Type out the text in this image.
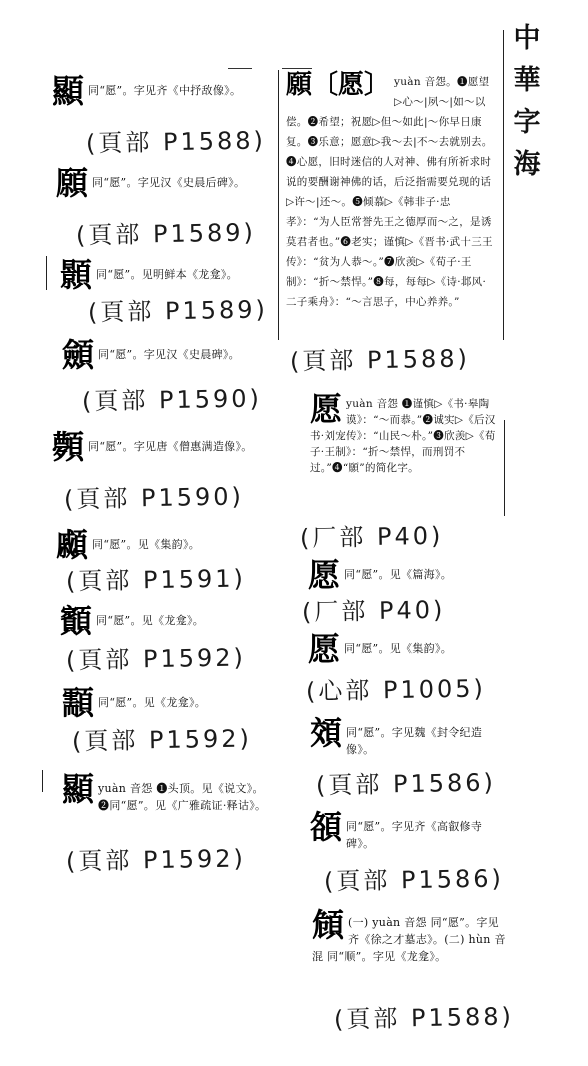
中
華
字
海
顯 同“愿”。字见齐《中抒敌像》。
(頁部 P1588)
願 同“愿”。字见汉《史晨后碑》。
(頁部 P1589)
顥 同“愿”。见明鲜本《龙龛》。
(頁部 P1589)
顩 同“愿”。字见汉《史晨碑》。
(頁部 P1590)
顭 同“愿”。字见唐《僧惠满造像》。
(頁部 P1590)
顣 同“愿”。见《集韵》。
(頁部 P1591)
顮 同“愿”。见《龙龛》。
(頁部 P1592)
顬 同“愿”。见《龙龛》。
(頁部 P1592)
顯 yuàn 音怨 ❶头顶。见《说文》。❷同“愿”。见《广雅疏证·释诂》。
(頁部 P1592)
願〔愿〕 yuàn 音怨。❶愿望▷心～|夙～|如～以偿。❷希望；祝愿▷但～如此|～你早日康复。❸乐意；愿意▷我～去|不～去就别去。❹心愿，旧时迷信的人对神、佛有所祈求时说的要酬谢神佛的话，后泛指需要兑现的话▷许～|还～。❺倾慕▷《韩非子·忠孝》：“为人臣常誉先王之德厚而～之，是诱莫君者也。”❻老实；谨慎▷《晋书·武十三王传》：“贫为人恭～。”❼欣羡▷《荀子·王制》：“折～禁悍。”❽每，每每▷《诗·邶风·二子乘舟》：“～言思子，中心养养。”
(頁部 P1588)
愿 yuàn 音怨 ❶谨慎▷《书·皋陶谟》：“～而恭。”❷诚实▷《后汉书·刘宠传》：“山民～朴。”❸欣羡▷《荀子·王制》：“折～禁悍，而刑罚不过。”❹“願”的简化字。
(厂部 P40)
愿 同“愿”。见《篇海》。
(厂部 P40)
愿 同“愿”。见《集韵》。
(心部 P1005)
頝 同“愿”。字见魏《封令纪造像》。
(頁部 P1586)
頟 同“愿”。字见齐《高叡修寺碑》。
(頁部 P1586)
頠 (一) yuàn 音怨 同“愿”。字见齐《徐之才墓志》。(二) hùn 音混 同“顺”。字见《龙龛》。
(頁部 P1588)
